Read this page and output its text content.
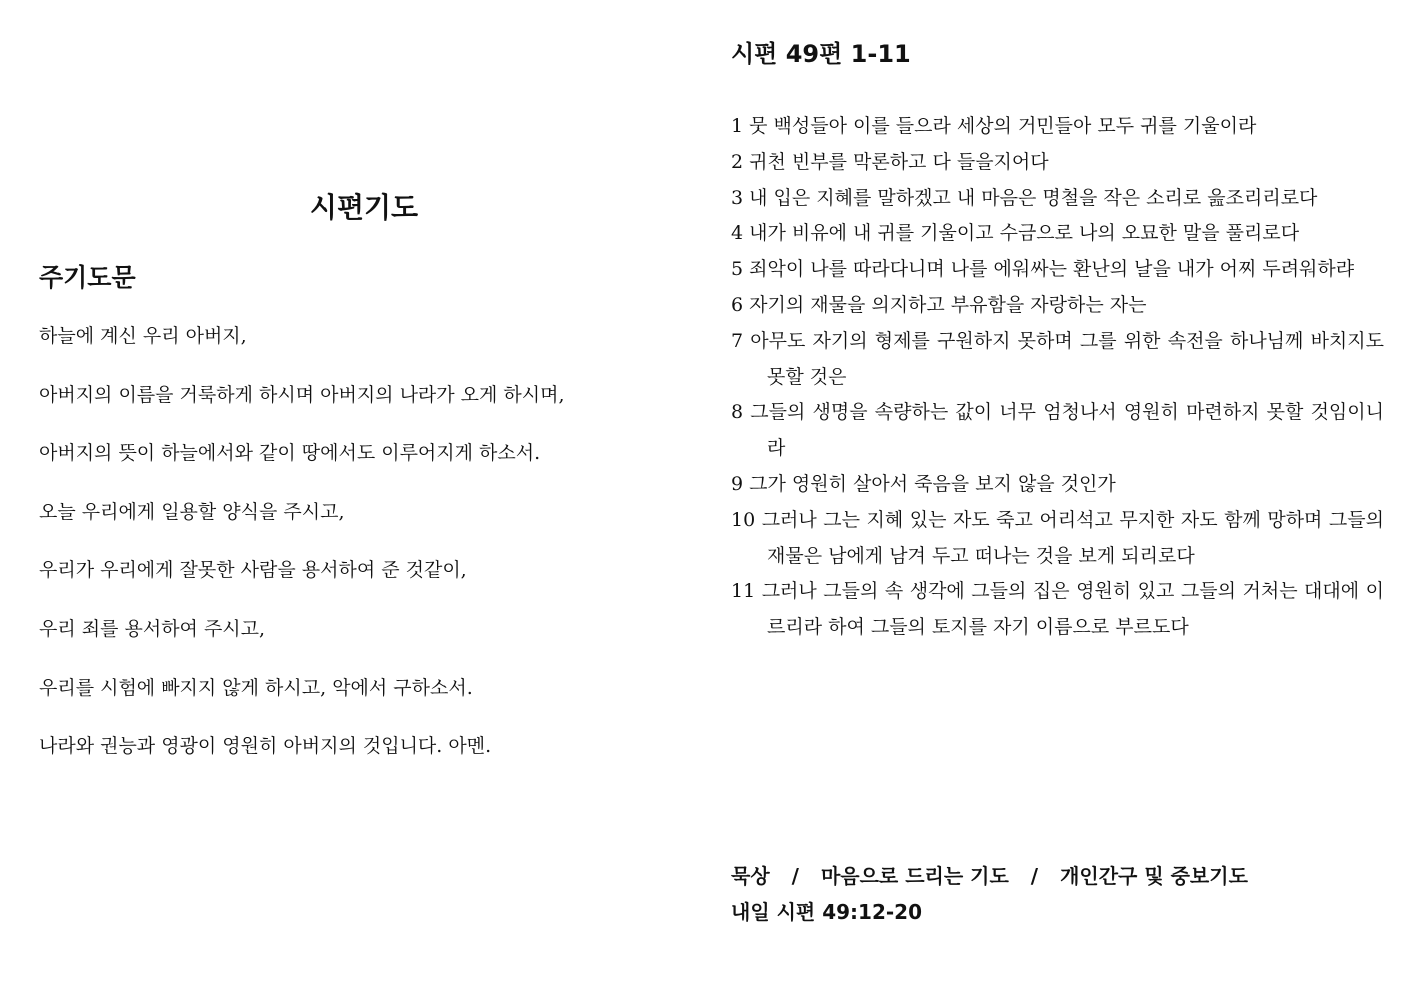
시편기도
주기도문
하늘에 계신 우리 아버지,
아버지의 이름을 거룩하게 하시며 아버지의 나라가 오게 하시며,
아버지의 뜻이 하늘에서와 같이 땅에서도 이루어지게 하소서.
오늘 우리에게 일용할 양식을 주시고,
우리가 우리에게 잘못한 사람을 용서하여 준 것같이,
우리 죄를 용서하여 주시고,
우리를 시험에 빠지지 않게 하시고, 악에서 구하소서.
나라와 권능과 영광이 영원히 아버지의 것입니다. 아멘.
시편 49편 1-11
1 뭇 백성들아 이를 들으라 세상의 거민들아 모두 귀를 기울이라
2 귀천 빈부를 막론하고 다 들을지어다
3 내 입은 지혜를 말하겠고 내 마음은 명철을 작은 소리로 읊조리리로다
4 내가 비유에 내 귀를 기울이고 수금으로 나의 오묘한 말을 풀리로다
5 죄악이 나를 따라다니며 나를 에워싸는 환난의 날을 내가 어찌 두려워하랴
6 자기의 재물을 의지하고 부유함을 자랑하는 자는
7 아무도 자기의 형제를 구원하지 못하며 그를 위한 속전을 하나님께 바치지도 못할 것은
8 그들의 생명을 속량하는 값이 너무 엄청나서 영원히 마련하지 못할 것임이니라
9 그가 영원히 살아서 죽음을 보지 않을 것인가
10 그러나 그는 지혜 있는 자도 죽고 어리석고 무지한 자도 함께 망하며 그들의 재물은 남에게 남겨 두고 떠나는 것을 보게 되리로다
11 그러나 그들의 속 생각에 그들의 집은 영원히 있고 그들의 거처는 대대에 이르리라 하여 그들의 토지를 자기 이름으로 부르도다
묵상 / 마음으로 드리는 기도 / 개인간구 및 중보기도
내일 시편 49:12-20
